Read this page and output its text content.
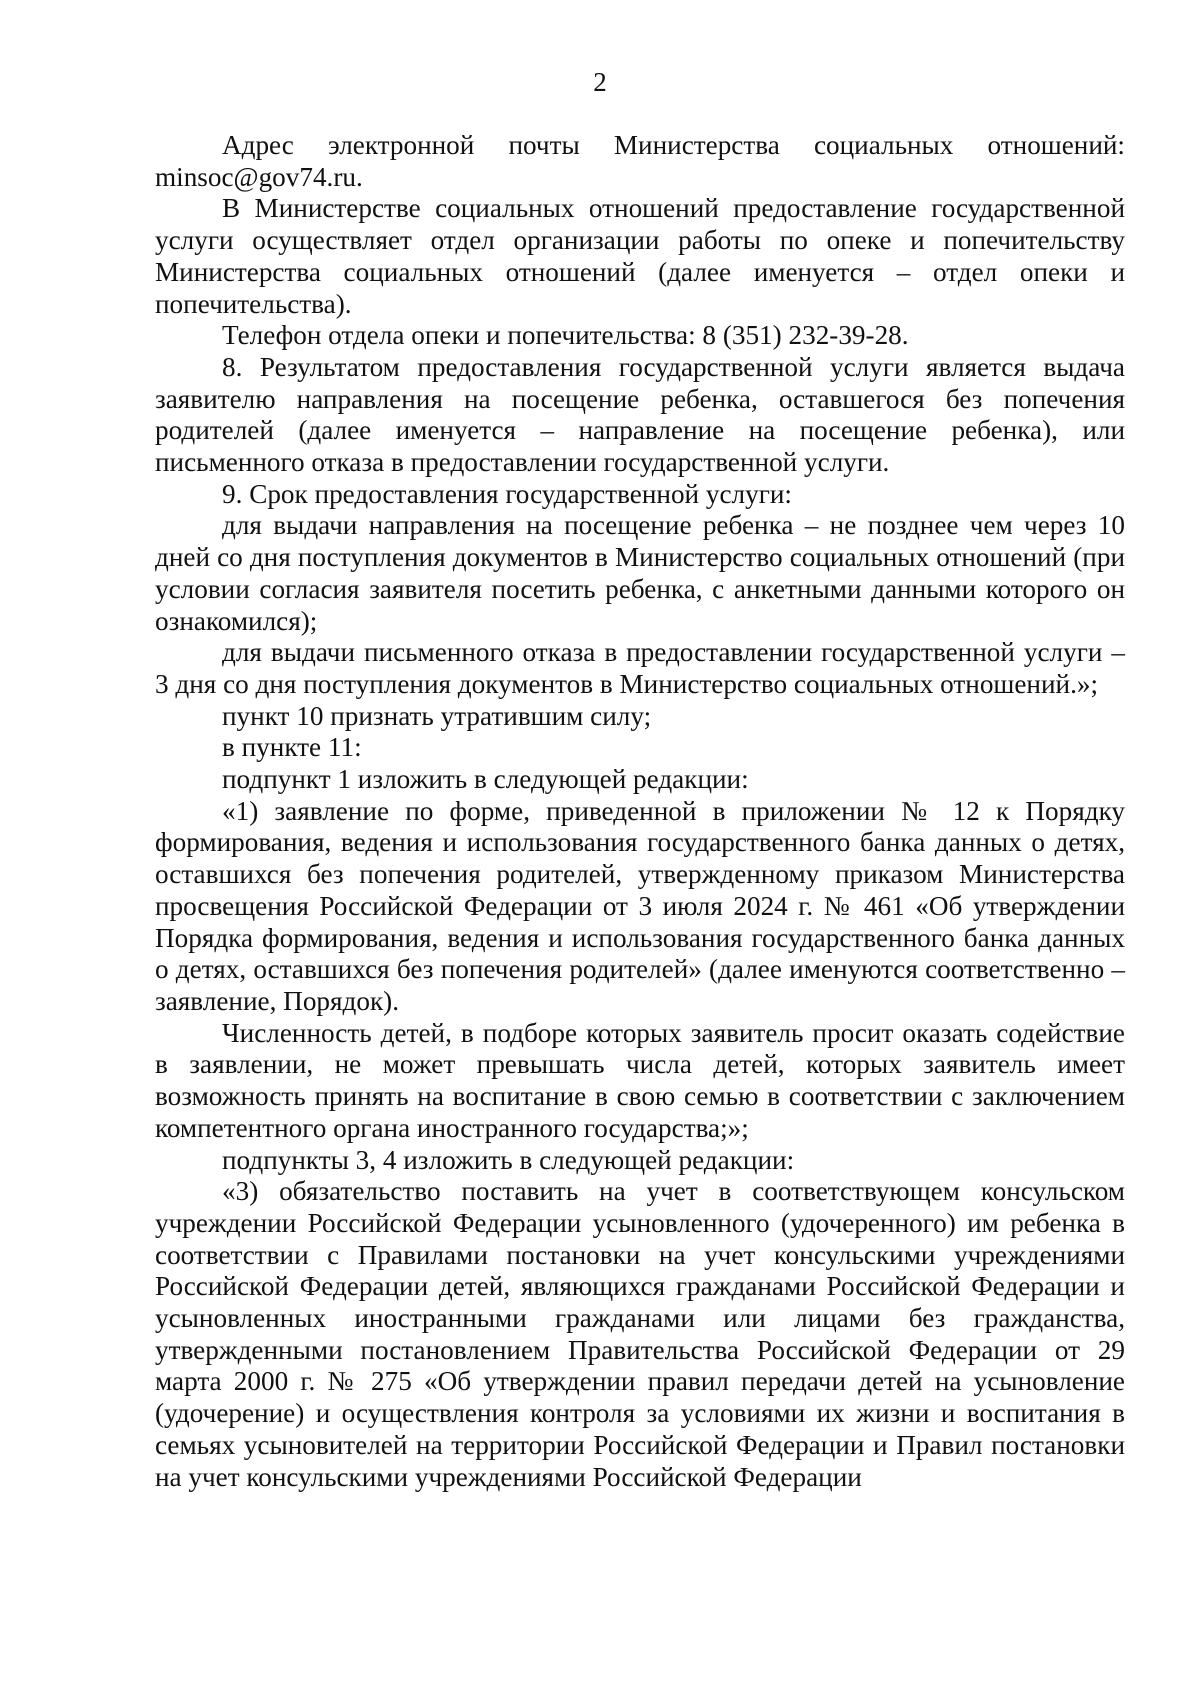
2

Адрес электронной почты Министерства социальных отношений: minsoc@gov74.ru.

В Министерстве социальных отношений предоставление государственной услуги осуществляет отдел организации работы по опеке и попечительству Министерства социальных отношений (далее именуется – отдел опеки и попечительства).

Телефон отдела опеки и попечительства: 8 (351) 232-39-28.

8. Результатом предоставления государственной услуги является выдача заявителю направления на посещение ребенка, оставшегося без попечения родителей (далее именуется – направление на посещение ребенка), или письменного отказа в предоставлении государственной услуги.

9. Срок предоставления государственной услуги:

для выдачи направления на посещение ребенка – не позднее чем через 10 дней со дня поступления документов в Министерство социальных отношений (при условии согласия заявителя посетить ребенка, с анкетными данными которого он ознакомился);

для выдачи письменного отказа в предоставлении государственной услуги – 3 дня со дня поступления документов в Министерство социальных отношений.»;

пункт 10 признать утратившим силу;

в пункте 11:

подпункт 1 изложить в следующей редакции:

«1) заявление по форме, приведенной в приложении № 12 к Порядку формирования, ведения и использования государственного банка данных о детях, оставшихся без попечения родителей, утвержденному приказом Министерства просвещения Российской Федерации от 3 июля 2024 г. № 461 «Об утверждении Порядка формирования, ведения и использования государственного банка данных о детях, оставшихся без попечения родителей» (далее именуются соответственно – заявление, Порядок).

Численность детей, в подборе которых заявитель просит оказать содействие в заявлении, не может превышать числа детей, которых заявитель имеет возможность принять на воспитание в свою семью в соответствии с заключением компетентного органа иностранного государства;»;

подпункты 3, 4 изложить в следующей редакции:

«3) обязательство поставить на учет в соответствующем консульском учреждении Российской Федерации усыновленного (удочеренного) им ребенка в соответствии с Правилами постановки на учет консульскими учреждениями Российской Федерации детей, являющихся гражданами Российской Федерации и усыновленных иностранными гражданами или лицами без гражданства, утвержденными постановлением Правительства Российской Федерации от 29 марта 2000 г. № 275 «Об утверждении правил передачи детей на усыновление (удочерение) и осуществления контроля за условиями их жизни и воспитания в семьях усыновителей на территории Российской Федерации и Правил постановки на учет консульскими учреждениями Российской Федерации
